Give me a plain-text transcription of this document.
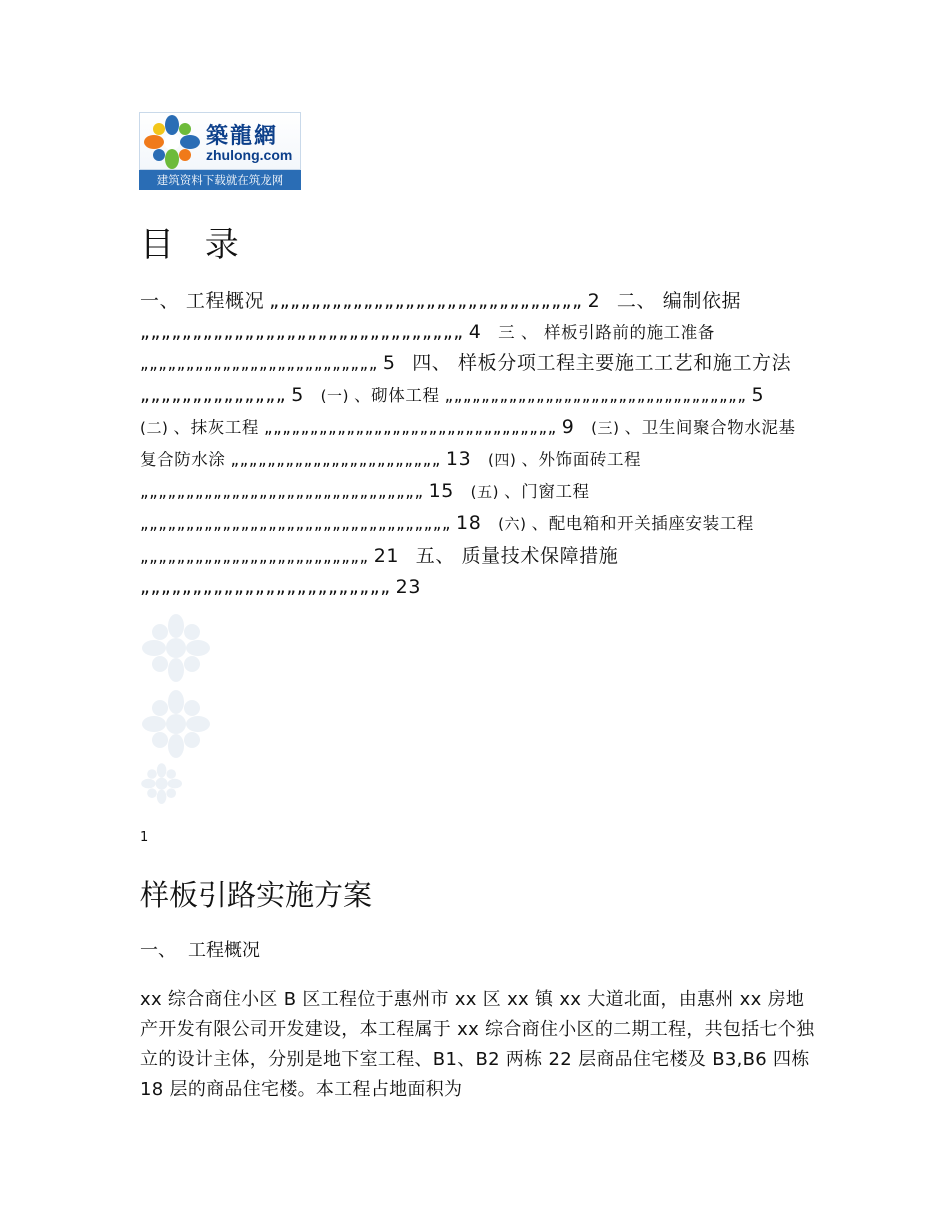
築龍網
zhulong.com
建筑资料下载就在筑龙网
目 录
一、 工程概况 „„„„„„„„„„„„„„„„„„„„„„„„„„„„„„ 2 二、 编制依据„„„„„„„„„„„„„„„„„„„„„„„„„„„„„„„ 4 三 、 样板引路前的施工准备„„„„„„„„„„„„„„„„„„„„„„„„„„ 5 四、 样板分项工程主要施工工艺和施工方法„„„„„„„„„„„„„„ 5 (一) 、砌体工程 „„„„„„„„„„„„„„„„„„„„„„„„„„„„„„„„„ 5 (二) 、抹灰工程 „„„„„„„„„„„„„„„„„„„„„„„„„„„„„„„„ 9 (三) 、卫生间聚合物水泥基复合防水涂 „„„„„„„„„„„„„„„„„„„„„„„ 13 (四) 、外饰面砖工程„„„„„„„„„„„„„„„„„„„„„„„„„„„„„„„ 15 (五) 、门窗工程„„„„„„„„„„„„„„„„„„„„„„„„„„„„„„„„„„ 18 (六) 、配电箱和开关插座安装工程„„„„„„„„„„„„„„„„„„„„„„„„„ 21 五、 质量技术保障措施„„„„„„„„„„„„„„„„„„„„„„„„ 23
1
样板引路实施方案
一、 工程概况

xx 综合商住小区 B 区工程位于惠州市 xx 区 xx 镇 xx 大道北面，由惠州 xx 房地产开发有限公司开发建设，本工程属于 xx 综合商住小区的二期工程，共包括七个独立的设计主体，分别是地下室工程、B1、B2 两栋 22 层商品住宅楼及 B3,B6 四栋 18 层的商品住宅楼。本工程占地面积为
